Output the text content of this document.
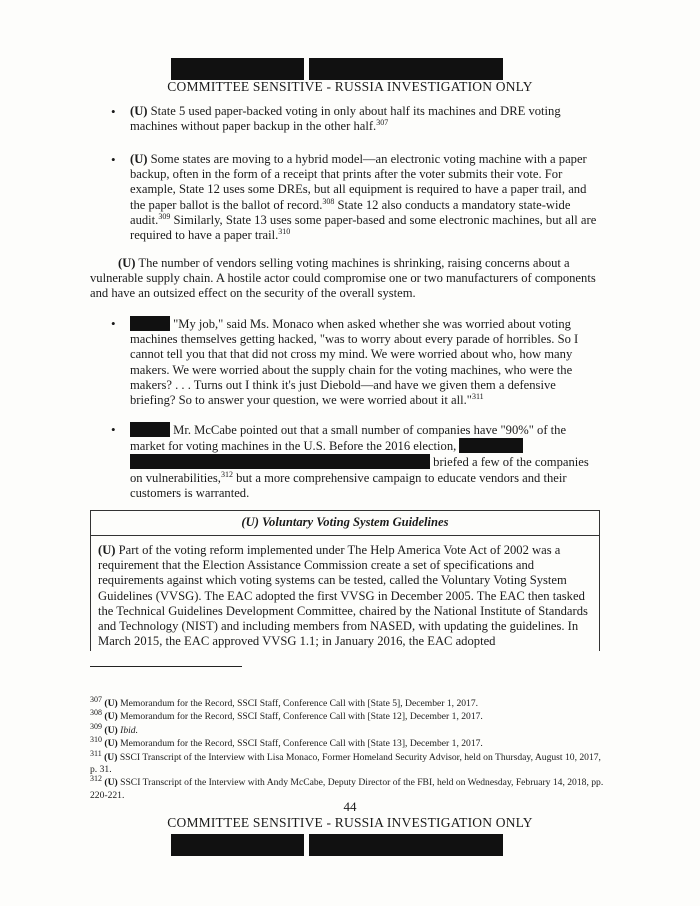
COMMITTEE SENSITIVE - RUSSIA INVESTIGATION ONLY
• (U) State 5 used paper-backed voting in only about half its machines and DRE voting machines without paper backup in the other half.$^{307}$
• (U) Some states are moving to a hybrid model—an electronic voting machine with a paper backup, often in the form of a receipt that prints after the voter submits their vote. For example, State 12 uses some DREs, but all equipment is required to have a paper trail, and the paper ballot is the ballot of record.$^{308}$ State 12 also conducts a mandatory state-wide audit.$^{309}$ Similarly, State 13 uses some paper-based and some electronic machines, but all are required to have a paper trail.$^{310}$
(U) The number of vendors selling voting machines is shrinking, raising concerns about a vulnerable supply chain. A hostile actor could compromise one or two manufacturers of components and have an outsized effect on the security of the overall system.
•	"My job," said Ms. Monaco when asked whether she was worried about voting machines themselves getting hacked, "was to worry about every parade of horribles. So I cannot tell you that that did not cross my mind. We were worried about who, how many makers. We were worried about the supply chain for the voting machines, who were the makers? . . . Turns out I think it's just Diebold—and have we given them a defensive briefing? So to answer your question, we were worried about it all."$^{311}$
•	Mr. McCabe pointed out that a small number of companies have "90%" of the market for voting machines in the U.S. Before the 2016 election,
briefed a few of the companies on vulnerabilities,$^{312}$ but a more comprehensive campaign to educate vendors and their customers is warranted.
(U) Voluntary Voting System Guidelines
(U) Part of the voting reform implemented under The Help America Vote Act of 2002 was a requirement that the Election Assistance Commission create a set of specifications and requirements against which voting systems can be tested, called the Voluntary Voting System Guidelines (VVSG). The EAC adopted the first VVSG in December 2005. The EAC then tasked the Technical Guidelines Development Committee, chaired by the National Institute of Standards and Technology (NIST) and including members from NASED, with updating the guidelines. In March 2015, the EAC approved VVSG 1.1; in January 2016, the EAC adopted
$^{307}$ (U) Memorandum for the Record, SSCI Staff, Conference Call with [State 5], December 1, 2017.
$^{308}$ (U) Memorandum for the Record, SSCI Staff, Conference Call with [State 12], December 1, 2017.
$^{309}$ (U) Ibid.
$^{310}$ (U) Memorandum for the Record, SSCI Staff, Conference Call with [State 13], December 1, 2017.
$^{311}$ (U) SSCI Transcript of the Interview with Lisa Monaco, Former Homeland Security Advisor, held on Thursday, August 10, 2017, p. 31.
$^{312}$ (U) SSCI Transcript of the Interview with Andy McCabe, Deputy Director of the FBI, held on Wednesday, February 14, 2018, pp. 220-221.
44
COMMITTEE SENSITIVE - RUSSIA INVESTIGATION ONLY
